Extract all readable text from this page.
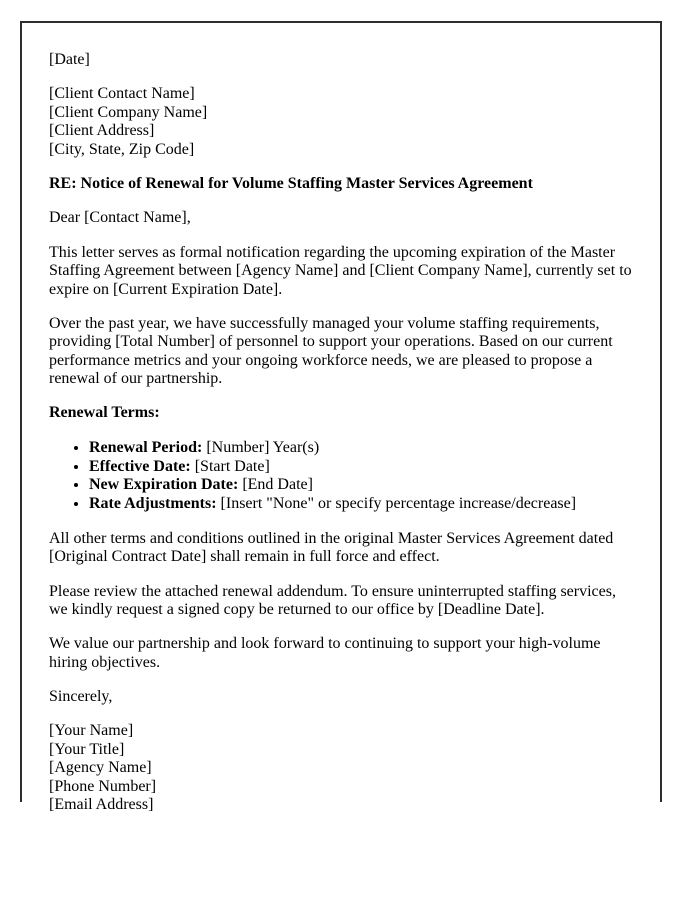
[Date]

[Client Contact Name]
[Client Company Name]
[Client Address]
[City, State, Zip Code]

RE: Notice of Renewal for Volume Staffing Master Services Agreement

Dear [Contact Name],

This letter serves as formal notification regarding the upcoming expiration of the Master Staffing Agreement between [Agency Name] and [Client Company Name], currently set to expire on [Current Expiration Date].

Over the past year, we have successfully managed your volume staffing requirements, providing [Total Number] of personnel to support your operations. Based on our current performance metrics and your ongoing workforce needs, we are pleased to propose a renewal of our partnership.

Renewal Terms:

• Renewal Period: [Number] Year(s)
• Effective Date: [Start Date]
• New Expiration Date: [End Date]
• Rate Adjustments: [Insert "None" or specify percentage increase/decrease]

All other terms and conditions outlined in the original Master Services Agreement dated [Original Contract Date] shall remain in full force and effect.

Please review the attached renewal addendum. To ensure uninterrupted staffing services, we kindly request a signed copy be returned to our office by [Deadline Date].

We value our partnership and look forward to continuing to support your high-volume hiring objectives.

Sincerely,

[Your Name]
[Your Title]
[Agency Name]
[Phone Number]
[Email Address]
